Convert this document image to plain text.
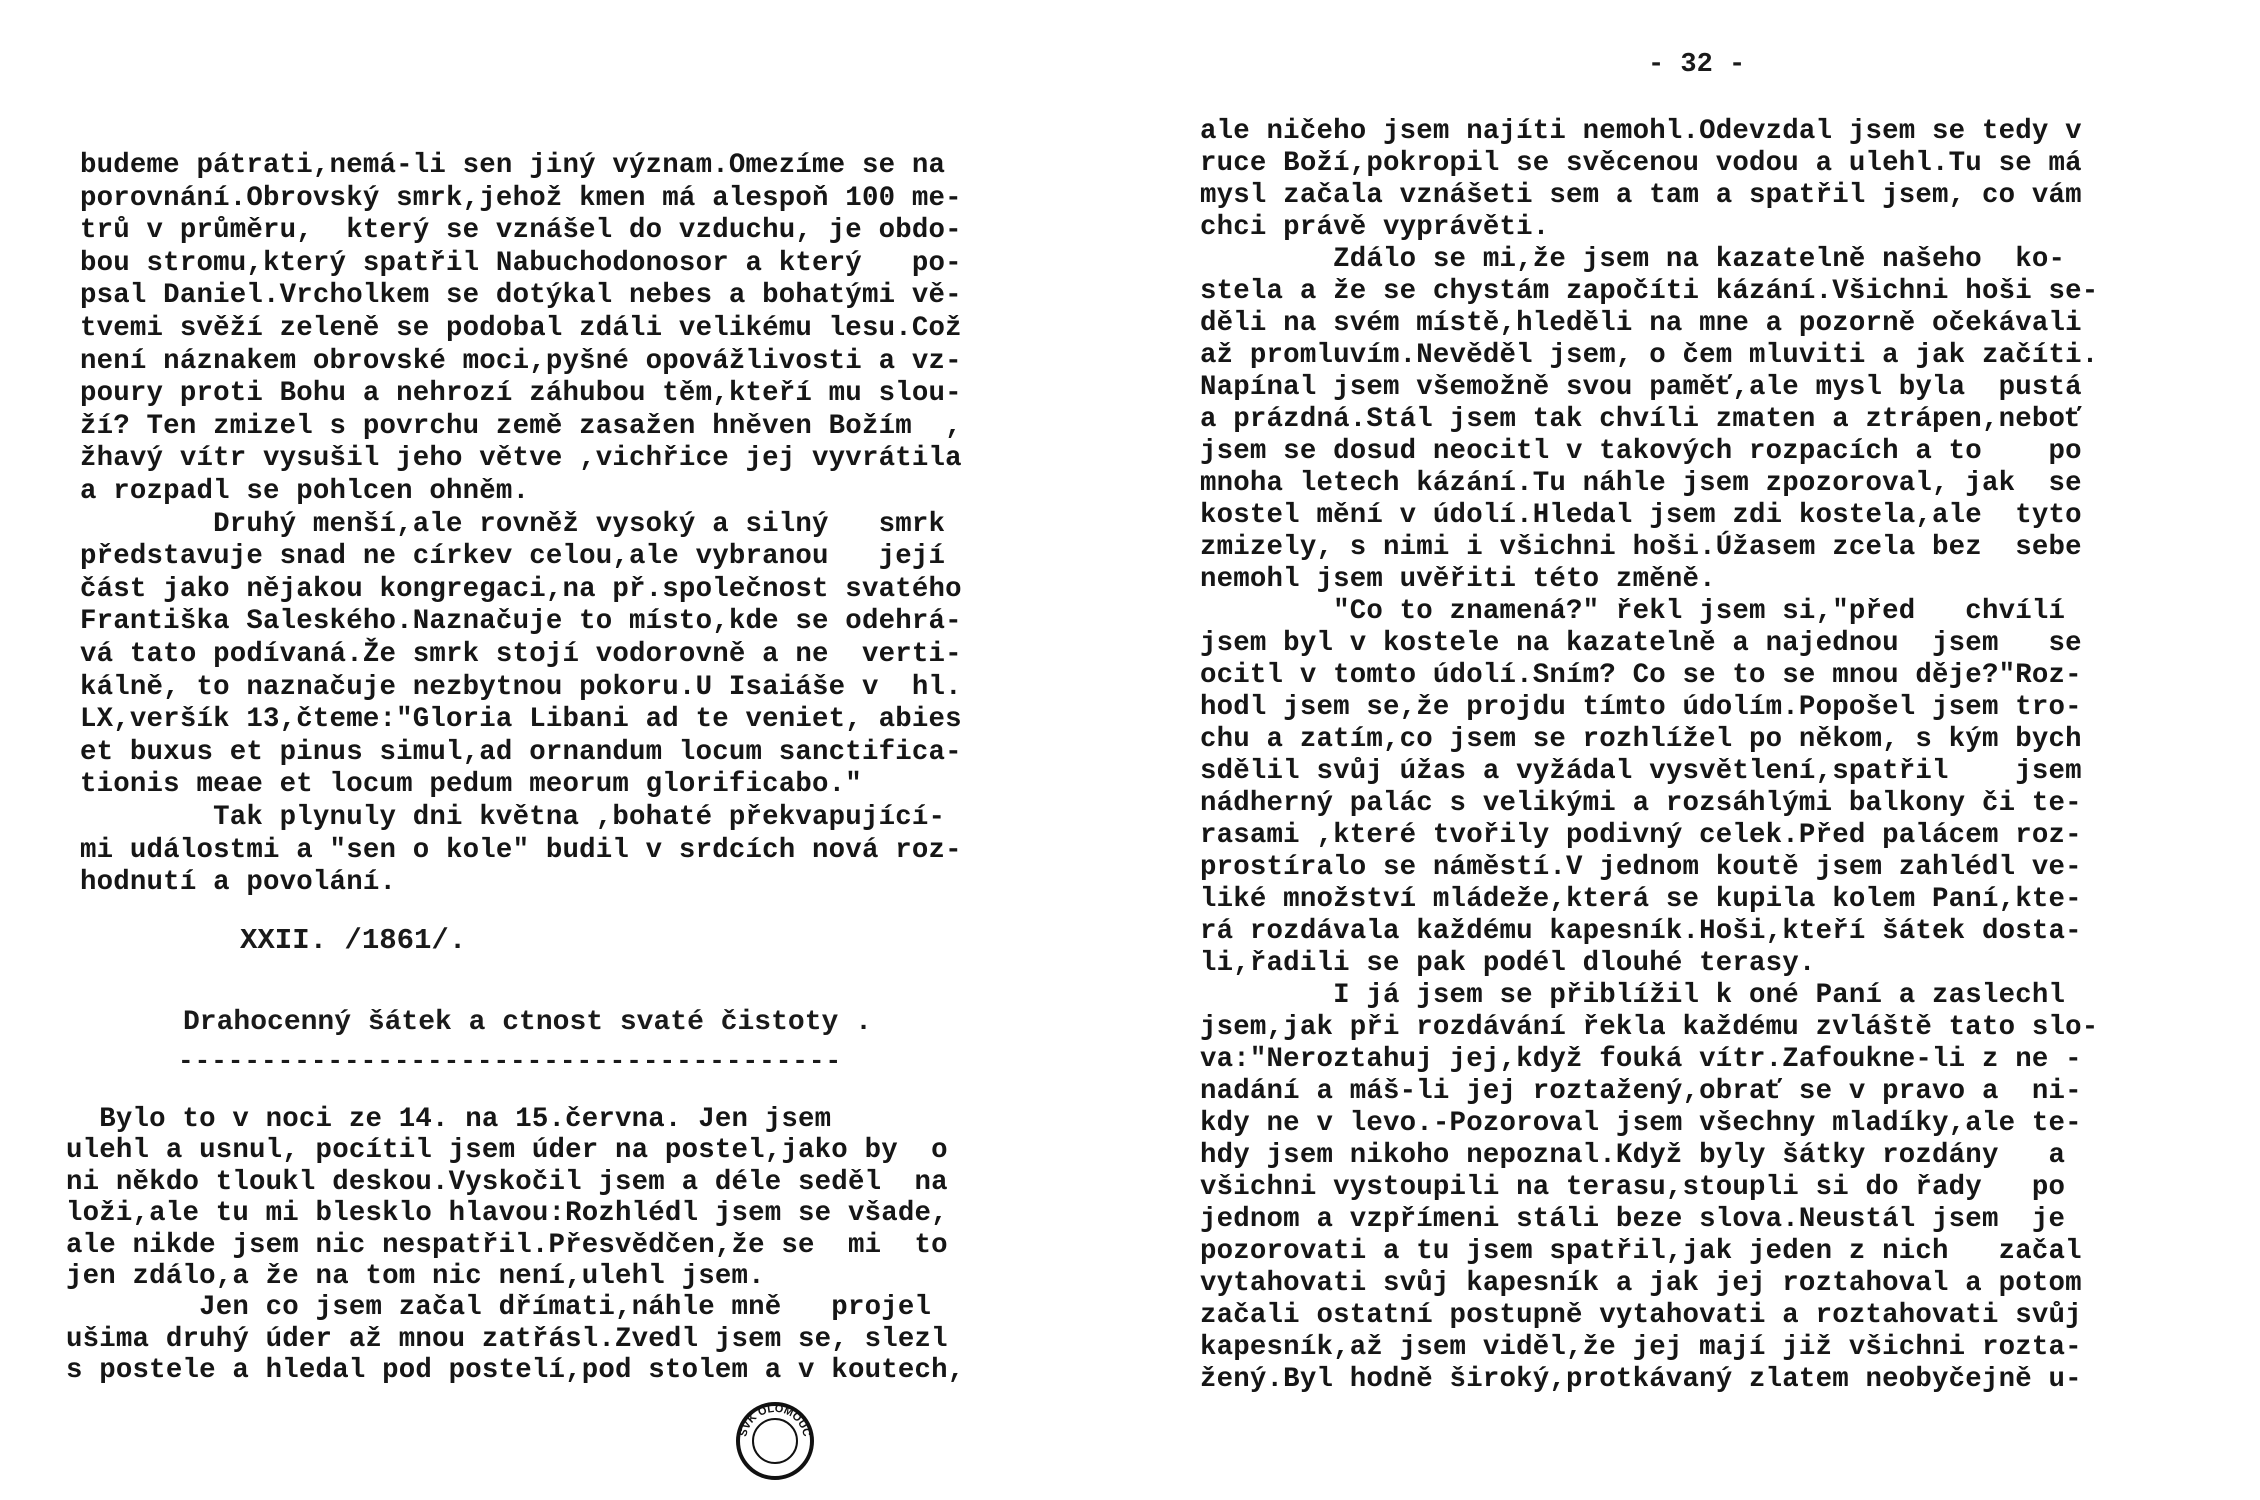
budeme pátrati,nemá-li sen jiný význam.Omezíme se na
porovnání.Obrovský smrk,jehož kmen má alespoň 100 me-
trů v průměru,  který se vznášel do vzduchu, je obdo-
bou stromu,který spatřil Nabuchodonosor a který   po-
psal Daniel.Vrcholkem se dotýkal nebes a bohatými vě-
tvemi svěží zeleně se podobal zdáli velikému lesu.Což
není náznakem obrovské moci,pyšné opovážlivosti a vz-
poury proti Bohu a nehrozí záhubou těm,kteří mu slou-
ží? Ten zmizel s povrchu země zasažen hněven Božím  ,
žhavý vítr vysušil jeho větve ,vichřice jej vyvrátila
a rozpadl se pohlcen ohněm.
Druhý menší,ale rovněž vysoký a silný   smrk
představuje snad ne církev celou,ale vybranou   její
část jako nějakou kongregaci,na př.společnost svatého
Františka Saleského.Naznačuje to místo,kde se odehrá-
vá tato podívaná.Že smrk stojí vodorovně a ne  verti-
kálně, to naznačuje nezbytnou pokoru.U Isaiáše v  hl.
LX,veršík 13,čteme:"Gloria Libani ad te veniet, abies
et buxus et pinus simul,ad ornandum locum sanctifica-
tionis meae et locum pedum meorum glorificabo."
Tak plynuly dni května ,bohaté překvapující-
mi událostmi a "sen o kole" budil v srdcích nová roz-
hodnutí a povolání.
XXII. /1861/.
Drahocenný šátek a ctnost svaté čistoty .
----------------------------------------
Bylo to v noci ze 14. na 15.června. Jen jsem
ulehl a usnul, pocítil jsem úder na postel,jako by  o
ni někdo tloukl deskou.Vyskočil jsem a déle seděl  na
loži,ale tu mi blesklo hlavou:Rozhlédl jsem se všade,
ale nikde jsem nic nespatřil.Přesvědčen,že se  mi  to
jen zdálo,a že na tom nic není,ulehl jsem.
Jen co jsem začal dřímati,náhle mně   projel
ušima druhý úder až mnou zatřásl.Zvedl jsem se, slezl
s postele a hledal pod postelí,pod stolem a v koutech,
SVK OLOMOUC
- 32 -
ale ničeho jsem najíti nemohl.Odevzdal jsem se tedy v
ruce Boží,pokropil se svěcenou vodou a ulehl.Tu se má
mysl začala vznášeti sem a tam a spatřil jsem, co vám
chci právě vyprávěti.
Zdálo se mi,že jsem na kazatelně našeho  ko-
stela a že se chystám započíti kázání.Všichni hoši se-
děli na svém místě,hleděli na mne a pozorně očekávali
až promluvím.Nevěděl jsem, o čem mluviti a jak začíti.
Napínal jsem všemožně svou paměť,ale mysl byla  pustá
a prázdná.Stál jsem tak chvíli zmaten a ztrápen,neboť
jsem se dosud neocitl v takových rozpacích a to    po
mnoha letech kázání.Tu náhle jsem zpozoroval, jak  se
kostel mění v údolí.Hledal jsem zdi kostela,ale  tyto
zmizely, s nimi i všichni hoši.Úžasem zcela bez  sebe
nemohl jsem uvěřiti této změně.
"Co to znamená?" řekl jsem si,"před   chvílí
jsem byl v kostele na kazatelně a najednou  jsem   se
ocitl v tomto údolí.Sním? Co se to se mnou děje?"Roz-
hodl jsem se,že projdu tímto údolím.Popošel jsem tro-
chu a zatím,co jsem se rozhlížel po někom, s kým bych
sdělil svůj úžas a vyžádal vysvětlení,spatřil    jsem
nádherný palác s velikými a rozsáhlými balkony či te-
rasami ,které tvořily podivný celek.Před palácem roz-
prostíralo se náměstí.V jednom koutě jsem zahlédl ve-
liké množství mládeže,která se kupila kolem Paní,kte-
rá rozdávala každému kapesník.Hoši,kteří šátek dosta-
li,řadili se pak podél dlouhé terasy.
I já jsem se přiblížil k oné Paní a zaslechl
jsem,jak při rozdávání řekla každému zvláště tato slo-
va:"Neroztahuj jej,když fouká vítr.Zafoukne-li z ne -
nadání a máš-li jej roztažený,obrať se v pravo a  ni-
kdy ne v levo.-Pozoroval jsem všechny mladíky,ale te-
hdy jsem nikoho nepoznal.Když byly šátky rozdány   a
všichni vystoupili na terasu,stoupli si do řady   po
jednom a vzpřímeni stáli beze slova.Neustál jsem  je
pozorovati a tu jsem spatřil,jak jeden z nich   začal
vytahovati svůj kapesník a jak jej roztahoval a potom
začali ostatní postupně vytahovati a roztahovati svůj
kapesník,až jsem viděl,že jej mají již všichni rozta-
žený.Byl hodně široký,protkávaný zlatem neobyčejně u-
